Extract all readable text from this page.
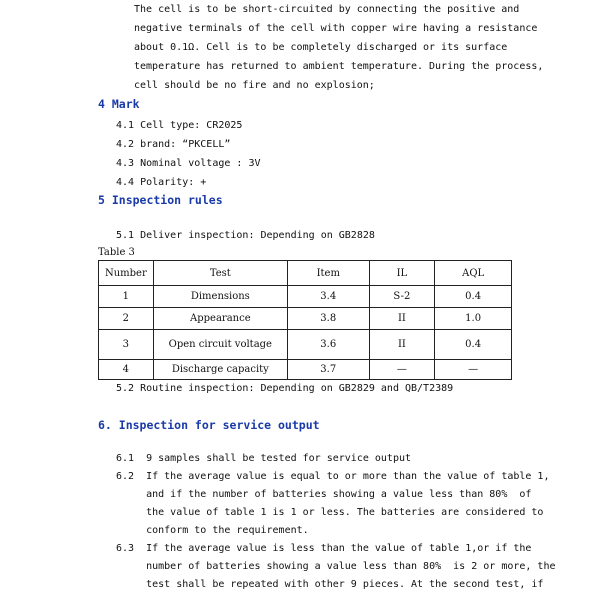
The cell is to be short-circuited by connecting the positive and
negative terminals of the cell with copper wire having a resistance
about 0.1Ω. Cell is to be completely discharged or its surface
temperature has returned to ambient temperature. During the process,
cell should be no fire and no explosion;
4 Mark
4.1 Cell type: CR2025
4.2 brand: “PKCELL”
4.3 Nominal voltage : 3V
4.4 Polarity: +
5 Inspection rules
5.1 Deliver inspection: Depending on GB2828
Table 3
Number	Test	Item	IL	AQL
1	Dimensions	3.4	S-2	0.4
2	Appearance	3.8	II	1.0
3	Open circuit voltage	3.6	II	0.4
4	Discharge capacity	3.7	—	—
5.2 Routine inspection: Depending on GB2829 and QB/T2389
6. Inspection for service output
6.1  9 samples shall be tested for service output
6.2  If the average value is equal to or more than the value of table 1,
and if the number of batteries showing a value less than 80%  of
the value of table 1 is 1 or less. The batteries are considered to
conform to the requirement.
6.3  If the average value is less than the value of table 1,or if the
number of batteries showing a value less than 80%  is 2 or more, the
test shall be repeated with other 9 pieces. At the second test, if
